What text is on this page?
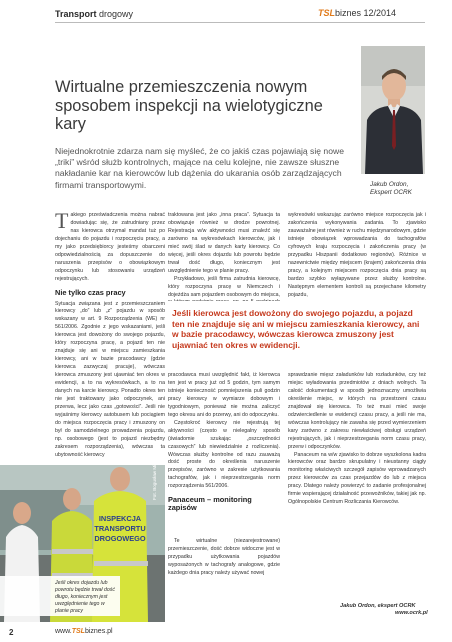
Transport drogowy	TSLbiznes 12/2014
Wirtualne przemieszczenia nowym sposobem inspekcji na wielotygiczne kary

Niejednokrotnie zdarza nam się myśleć, że co jakiś czas pojawiają się nowe „triki” wśród służb kontrolnych, mające na celu kolejne, nie zawsze słuszne nakładanie kar na kierowców lub dążenia do ukarania osób zarządzających firmami transportowymi.	Jakub Ordon,
Ekspert OCRK

Takiego przeświadczenia można nabrać dowiadując się, że zatrudniany przez nas kierowca otrzymał mandat tuż po dojechaniu do pojazdu i rozpoczęciu pracy, a my jako przedsiębiorcy jesteśmy obarczeni odpowiedzialnością za dopuszczenie do naruszenia przepisów o obowiązkowym odpoczynku lub stosowaniu urządzeń rejestrujących.

Nie tylko czas pracy

Sytuacja związana jest z przemieszczaniem kierowcy „do” lub „z” pojazdu w sposób wskazany w art. 9 Rozporządzenia (WE) nr 561/2006. Zgodnie z jego wskazaniami, jeśli kierowca jest dowożony do swojego pojazdu, który rozpoczyna pracę, a pojazd ten nie znajduje się ani w miejscu zamieszkania kierowcy, ani w bazie pracodawcy (gdzie kierowca zazwyczaj pracuje), wówczas kierowca zmuszony jest ujawniać ten okres w ewidencji, a to na wykresówkach, a to na danych na karcie kierowcy. Ponadto okres ten nie jest traktowany jako odpoczynek, ani przerwa, lecz jako czas „gotowości”. Jeśli nie wyjaśnimy kierowcy autobusem lub pociągiem do miejsca rozpoczęcia pracy i zmuszony on był do samodzielnego prowadzenia pojazdu, np. osobowego (jest to pojazd niezbędny zakresem rozporządzenia), wówczas ta ubytowność kierowcy

traktowana jest jako „inna praca”. Sytuacja ta obowiązuje również w drodze powrotnej. Rejestracja w/w aktywności musi znaleźć się zarówno na wykresówkach kierowców, jak i mieć swój ślad w danych karty kierowcy. Co więcej, jeśli okres dojazdu lub powrotu będzie trwał dość długo, koniecznym jest uwzględnienie tego w planie pracy.

Przykładowo, jeśli firma zatrudnia kierowcę, który rozpoczyna pracę w Niemczech i dojeżdża sam pojazdem osobowym do miejsca,

wykresówki wskazując zarówno miejsce rozpoczęcia jak i zakończenia wykonywania zadania. To zjawisko zauważalne jest również w ruchu międzynarodowym, gdzie istnieje obowiązek wprowadzania do tachografów cyfrowych kraju rozpoczęcia i zakończenia pracy (w przypadku Hiszpanii dodatkowo regionów). Różnice w nazewnictwie między miejscem (krajem) zakończenia dnia pracy, a kolejnym miejscem rozpoczęcia dnia pracy są bardzo szybko wyłapywane przez służby kontrolne. Następnym elementem kontroli są przejechane kilometry pojazdu,

Jeśli kierowca jest dowożony do swojego pojazdu, a pojazd ten nie znajduje się ani w miejscu zamieszkania kierowcy, ani w bazie pracodawcy, wówczas kierowca zmuszony jest ujawniać ten okres w ewidencji.

pracodawca musi uwzględnić fakt, iż kierowca ten jest w pracy już od 5 godzin, tym samym istnieje konieczność pomniejszenia puli godzin pracy kierowcy w wymiarze dobowym i tygodniowym, ponieważ nie można zaliczyć tego okresu ani do przerwy, ani do odpoczynku.

Częstokroć kierowcy nie rejestrują tej aktywności (często w nielegalny sposób (świadomie szukając „oszczędności czasowych” lub niewiedzialnie z rozliczenia). Wówczas służby kontrolne od razu zauważą dość proste do określenia naruszenie przepisów, zarówno w zakresie użytkowania tachografów, jak i nieprzestrzegania norm rozporządzenia 561/2006.

Panaceum – monitoring zapisów

Te wirtualne (niezarejestrowane) przemieszczenie, dość dobrze widoczne jest w przypadku użytkowania pojazdów wyposażonych w tachografy analogowe, gdzie każdego dnia pracy należy używać nowej

sprawdzanie mięsz załadunków lub rozładunków, czy też miejsc wyładowania przedmiotów z dniach wolnych. Ta całość dokumentacji w sposób jednoznaczny umożliwia określenie miejsc, w których na przestrzeni czasu znajdował się kierowca. To też musi mieć swoje odzwierciedlenie w ewidencji czasu pracy, a jeśli nie ma, wówczas kontrolujący nie zawaha się przed wymierzeniem kary zarówno z zakresu niewłaściwej obsługi urządzeń rejestrujących, jak i nieprzestrzegania norm czasu pracy, przerw i odpoczynków.

Panaceum na w/w zjawisko to dobrze wyszkolona kadra kierowców oraz bardzo skrupulatny i nieustanny ciągły monitoring właściwych szczegół zapisów wprowadzanych przez kierowców za czas przejazdów do lub z miejsca pracy. Dlatego należy powierzyć to zadanie profesjonalnej firmie wspierającej działalność przewoźników, takiej jak np. Ogólnopolskie Centrum Rozliczania Kierowców.

Jakub Ordon, ekspert OCRK
www.ocrk.pl
INSPEKCJA
TRANSPORTU
DROGOWEGO
Fot. Bogusław Mizura
Jeśli okres dojazdu lub powrotu będzie trwał dość długo, koniecznym jest uwzględnienie tego w planie pracy
2	www.TSLbiznes.pl
